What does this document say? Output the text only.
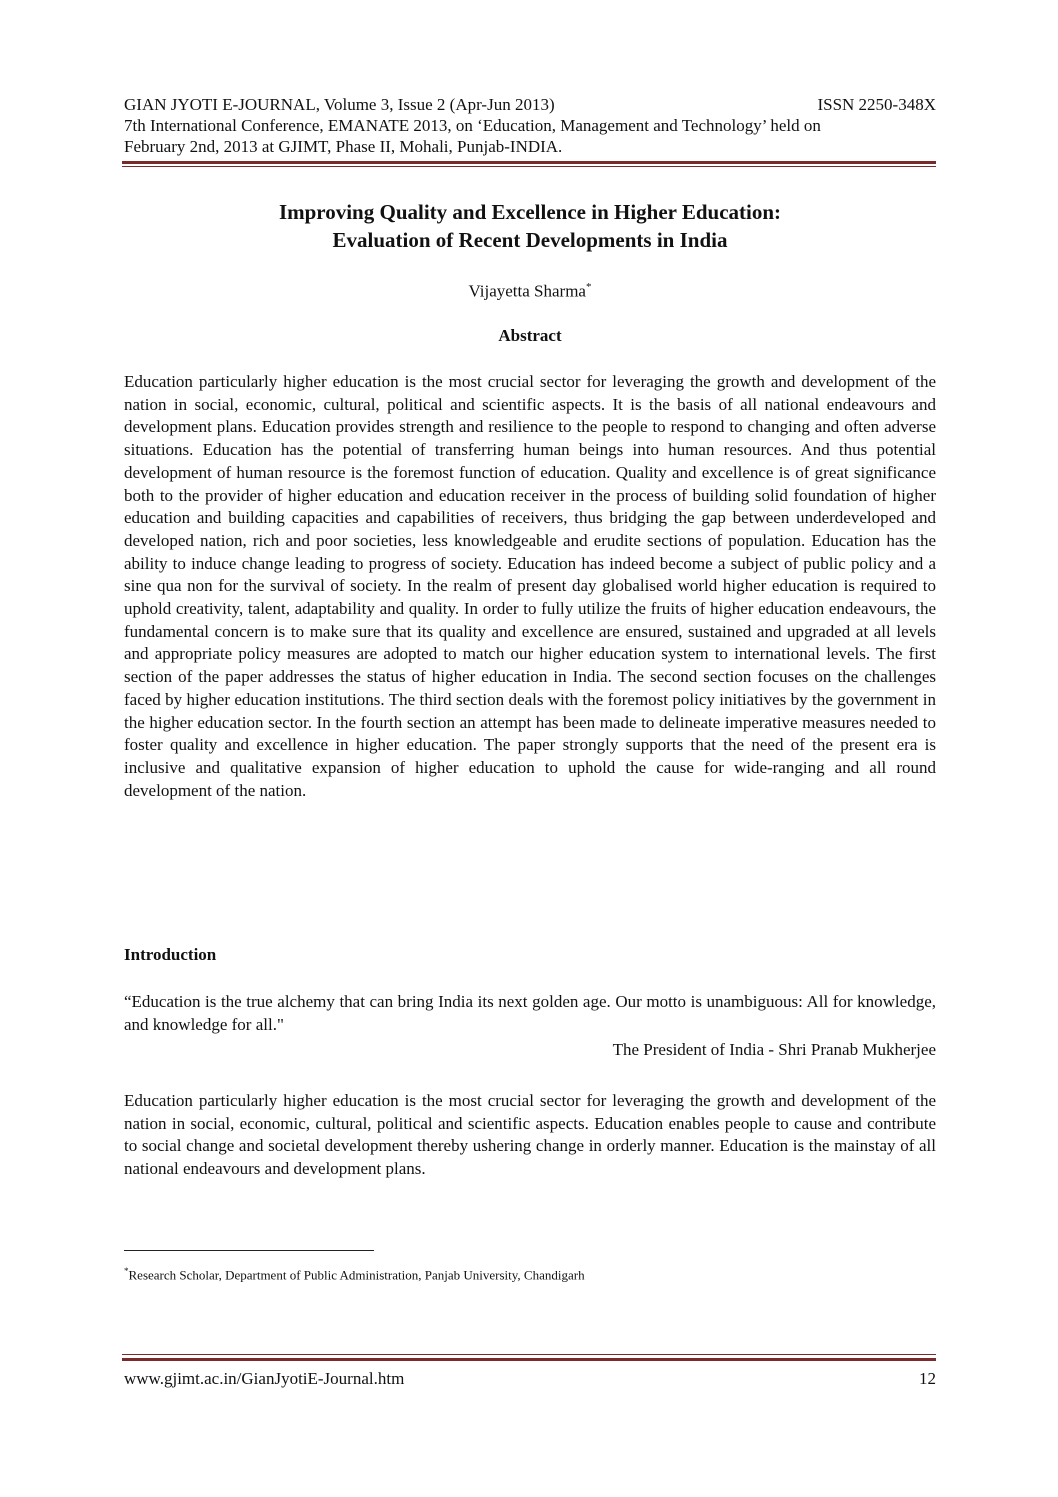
GIAN JYOTI E-JOURNAL, Volume 3, Issue 2 (Apr-Jun 2013)	ISSN 2250-348X
7th International Conference, EMANATE 2013, on ‘Education, Management and Technology’ held on
February 2nd, 2013 at GJIMT, Phase II, Mohali, Punjab-INDIA.
Improving Quality and Excellence in Higher Education:
Evaluation of Recent Developments in India
Vijayetta Sharma*
Abstract

Education particularly higher education is the most crucial sector for leveraging the growth and development of the nation in social, economic, cultural, political and scientific aspects. It is the basis of all national endeavours and development plans. Education provides strength and resilience to the people to respond to changing and often adverse situations. Education has the potential of transferring human beings into human resources. And thus potential development of human resource is the foremost function of education. Quality and excellence is of great significance both to the provider of higher education and education receiver in the process of building solid foundation of higher education and building capacities and capabilities of receivers, thus bridging the gap between underdeveloped and developed nation, rich and poor societies, less knowledgeable and erudite sections of population. Education has the ability to induce change leading to progress of society. Education has indeed become a subject of public policy and a sine qua non for the survival of society. In the realm of present day globalised world higher education is required to uphold creativity, talent, adaptability and quality. In order to fully utilize the fruits of higher education endeavours, the fundamental concern is to make sure that its quality and excellence are ensured, sustained and upgraded at all levels and appropriate policy measures are adopted to match our higher education system to international levels. The first section of the paper addresses the status of higher education in India. The second section focuses on the challenges faced by higher education institutions. The third section deals with the foremost policy initiatives by the government in the higher education sector. In the fourth section an attempt has been made to delineate imperative measures needed to foster quality and excellence in higher education. The paper strongly supports that the need of the present era is inclusive and qualitative expansion of higher education to uphold the cause for wide-ranging and all round development of the nation.

Introduction

“Education is the true alchemy that can bring India its next golden age. Our motto is unambiguous: All for knowledge, and knowledge for all."

The President of India - Shri Pranab Mukherjee

Education particularly higher education is the most crucial sector for leveraging the growth and development of the nation in social, economic, cultural, political and scientific aspects. Education enables people to cause and contribute to social change and societal development thereby ushering change in orderly manner. Education is the mainstay of all national endeavours and development plans.

*Research Scholar, Department of Public Administration, Panjab University, Chandigarh
www.gjimt.ac.in/GianJyotiE-Journal.htm	12
